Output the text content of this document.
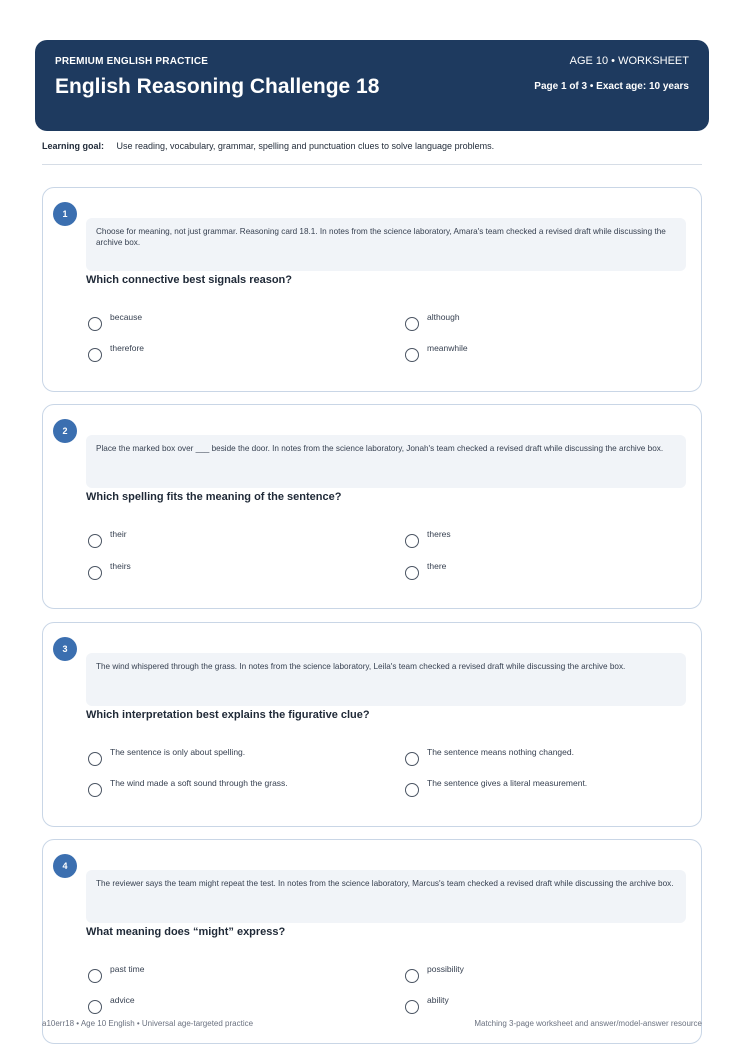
PREMIUM ENGLISH PRACTICE
English Reasoning Challenge 18
AGE 10 • WORKSHEET
Page 1 of 3 • Exact age: 10 years
Learning goal: Use reading, vocabulary, grammar, spelling and punctuation clues to solve language problems.
1
Choose for meaning, not just grammar. Reasoning card 18.1. In notes from the science laboratory, Amara's team checked a revised draft while discussing the archive box.
Which connective best signals reason?
because	although
therefore	meanwhile
2
Place the marked box over ___ beside the door. In notes from the science laboratory, Jonah's team checked a revised draft while discussing the archive box.
Which spelling fits the meaning of the sentence?
their	theres
theirs	there
3
The wind whispered through the grass. In notes from the science laboratory, Leila's team checked a revised draft while discussing the archive box.
Which interpretation best explains the figurative clue?
The sentence is only about spelling.	The sentence means nothing changed.
The wind made a soft sound through the grass.	The sentence gives a literal measurement.
4
The reviewer says the team might repeat the test. In notes from the science laboratory, Marcus's team checked a revised draft while discussing the archive box.
What meaning does “might” express?
past time	possibility
advice	ability
a10err18 • Age 10 English • Universal age-targeted practice	Matching 3-page worksheet and answer/model-answer resource
